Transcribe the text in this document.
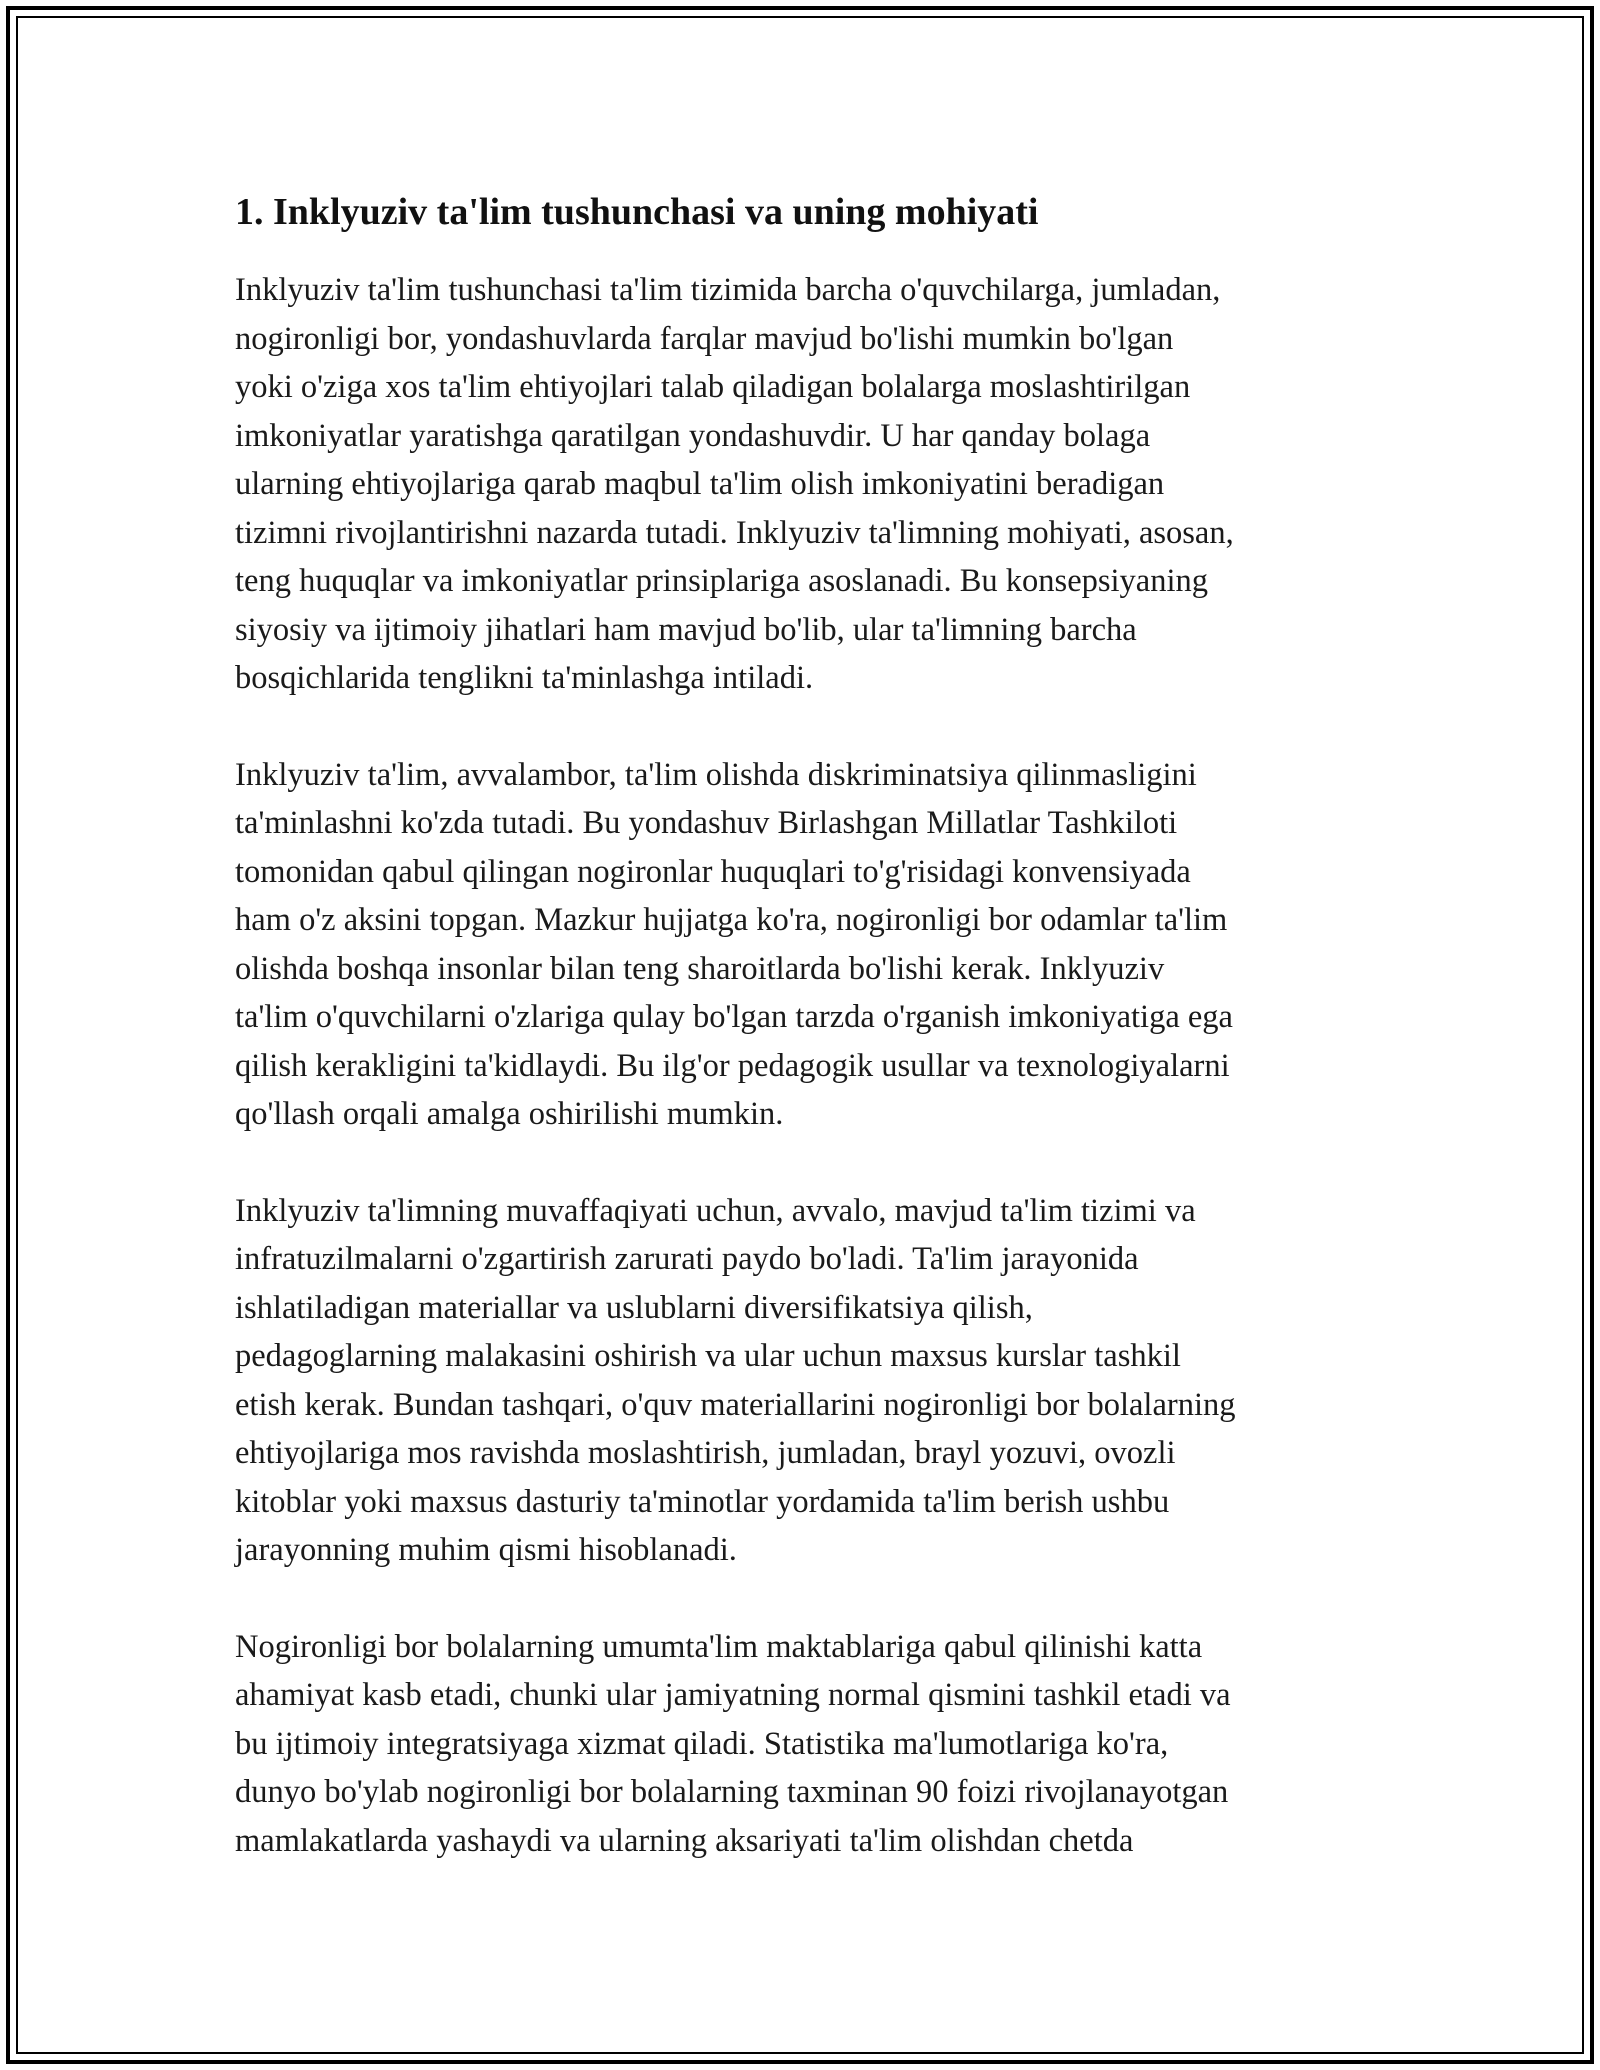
1. Inklyuziv ta'lim tushunchasi va uning mohiyati

Inklyuziv ta'lim tushunchasi ta'lim tizimida barcha o'quvchilarga, jumladan,
nogironligi bor, yondashuvlarda farqlar mavjud bo'lishi mumkin bo'lgan
yoki o'ziga xos ta'lim ehtiyojlari talab qiladigan bolalarga moslashtirilgan
imkoniyatlar yaratishga qaratilgan yondashuvdir. U har qanday bolaga
ularning ehtiyojlariga qarab maqbul ta'lim olish imkoniyatini beradigan
tizimni rivojlantirishni nazarda tutadi. Inklyuziv ta'limning mohiyati, asosan,
teng huquqlar va imkoniyatlar prinsiplariga asoslanadi. Bu konsepsiyaning
siyosiy va ijtimoiy jihatlari ham mavjud bo'lib, ular ta'limning barcha
bosqichlarida tenglikni ta'minlashga intiladi.

Inklyuziv ta'lim, avvalambor, ta'lim olishda diskriminatsiya qilinmasligini
ta'minlashni ko'zda tutadi. Bu yondashuv Birlashgan Millatlar Tashkiloti
tomonidan qabul qilingan nogironlar huquqlari to'g'risidagi konvensiyada
ham o'z aksini topgan. Mazkur hujjatga ko'ra, nogironligi bor odamlar ta'lim
olishda boshqa insonlar bilan teng sharoitlarda bo'lishi kerak. Inklyuziv
ta'lim o'quvchilarni o'zlariga qulay bo'lgan tarzda o'rganish imkoniyatiga ega
qilish kerakligini ta'kidlaydi. Bu ilg'or pedagogik usullar va texnologiyalarni
qo'llash orqali amalga oshirilishi mumkin.

Inklyuziv ta'limning muvaffaqiyati uchun, avvalo, mavjud ta'lim tizimi va
infratuzilmalarni o'zgartirish zarurati paydo bo'ladi. Ta'lim jarayonida
ishlatiladigan materiallar va uslublarni diversifikatsiya qilish,
pedagoglarning malakasini oshirish va ular uchun maxsus kurslar tashkil
etish kerak. Bundan tashqari, o'quv materiallarini nogironligi bor bolalarning
ehtiyojlariga mos ravishda moslashtirish, jumladan, brayl yozuvi, ovozli
kitoblar yoki maxsus dasturiy ta'minotlar yordamida ta'lim berish ushbu
jarayonning muhim qismi hisoblanadi.

Nogironligi bor bolalarning umumta'lim maktablariga qabul qilinishi katta
ahamiyat kasb etadi, chunki ular jamiyatning normal qismini tashkil etadi va
bu ijtimoiy integratsiyaga xizmat qiladi. Statistika ma'lumotlariga ko'ra,
dunyo bo'ylab nogironligi bor bolalarning taxminan 90 foizi rivojlanayotgan
mamlakatlarda yashaydi va ularning aksariyati ta'lim olishdan chetda
